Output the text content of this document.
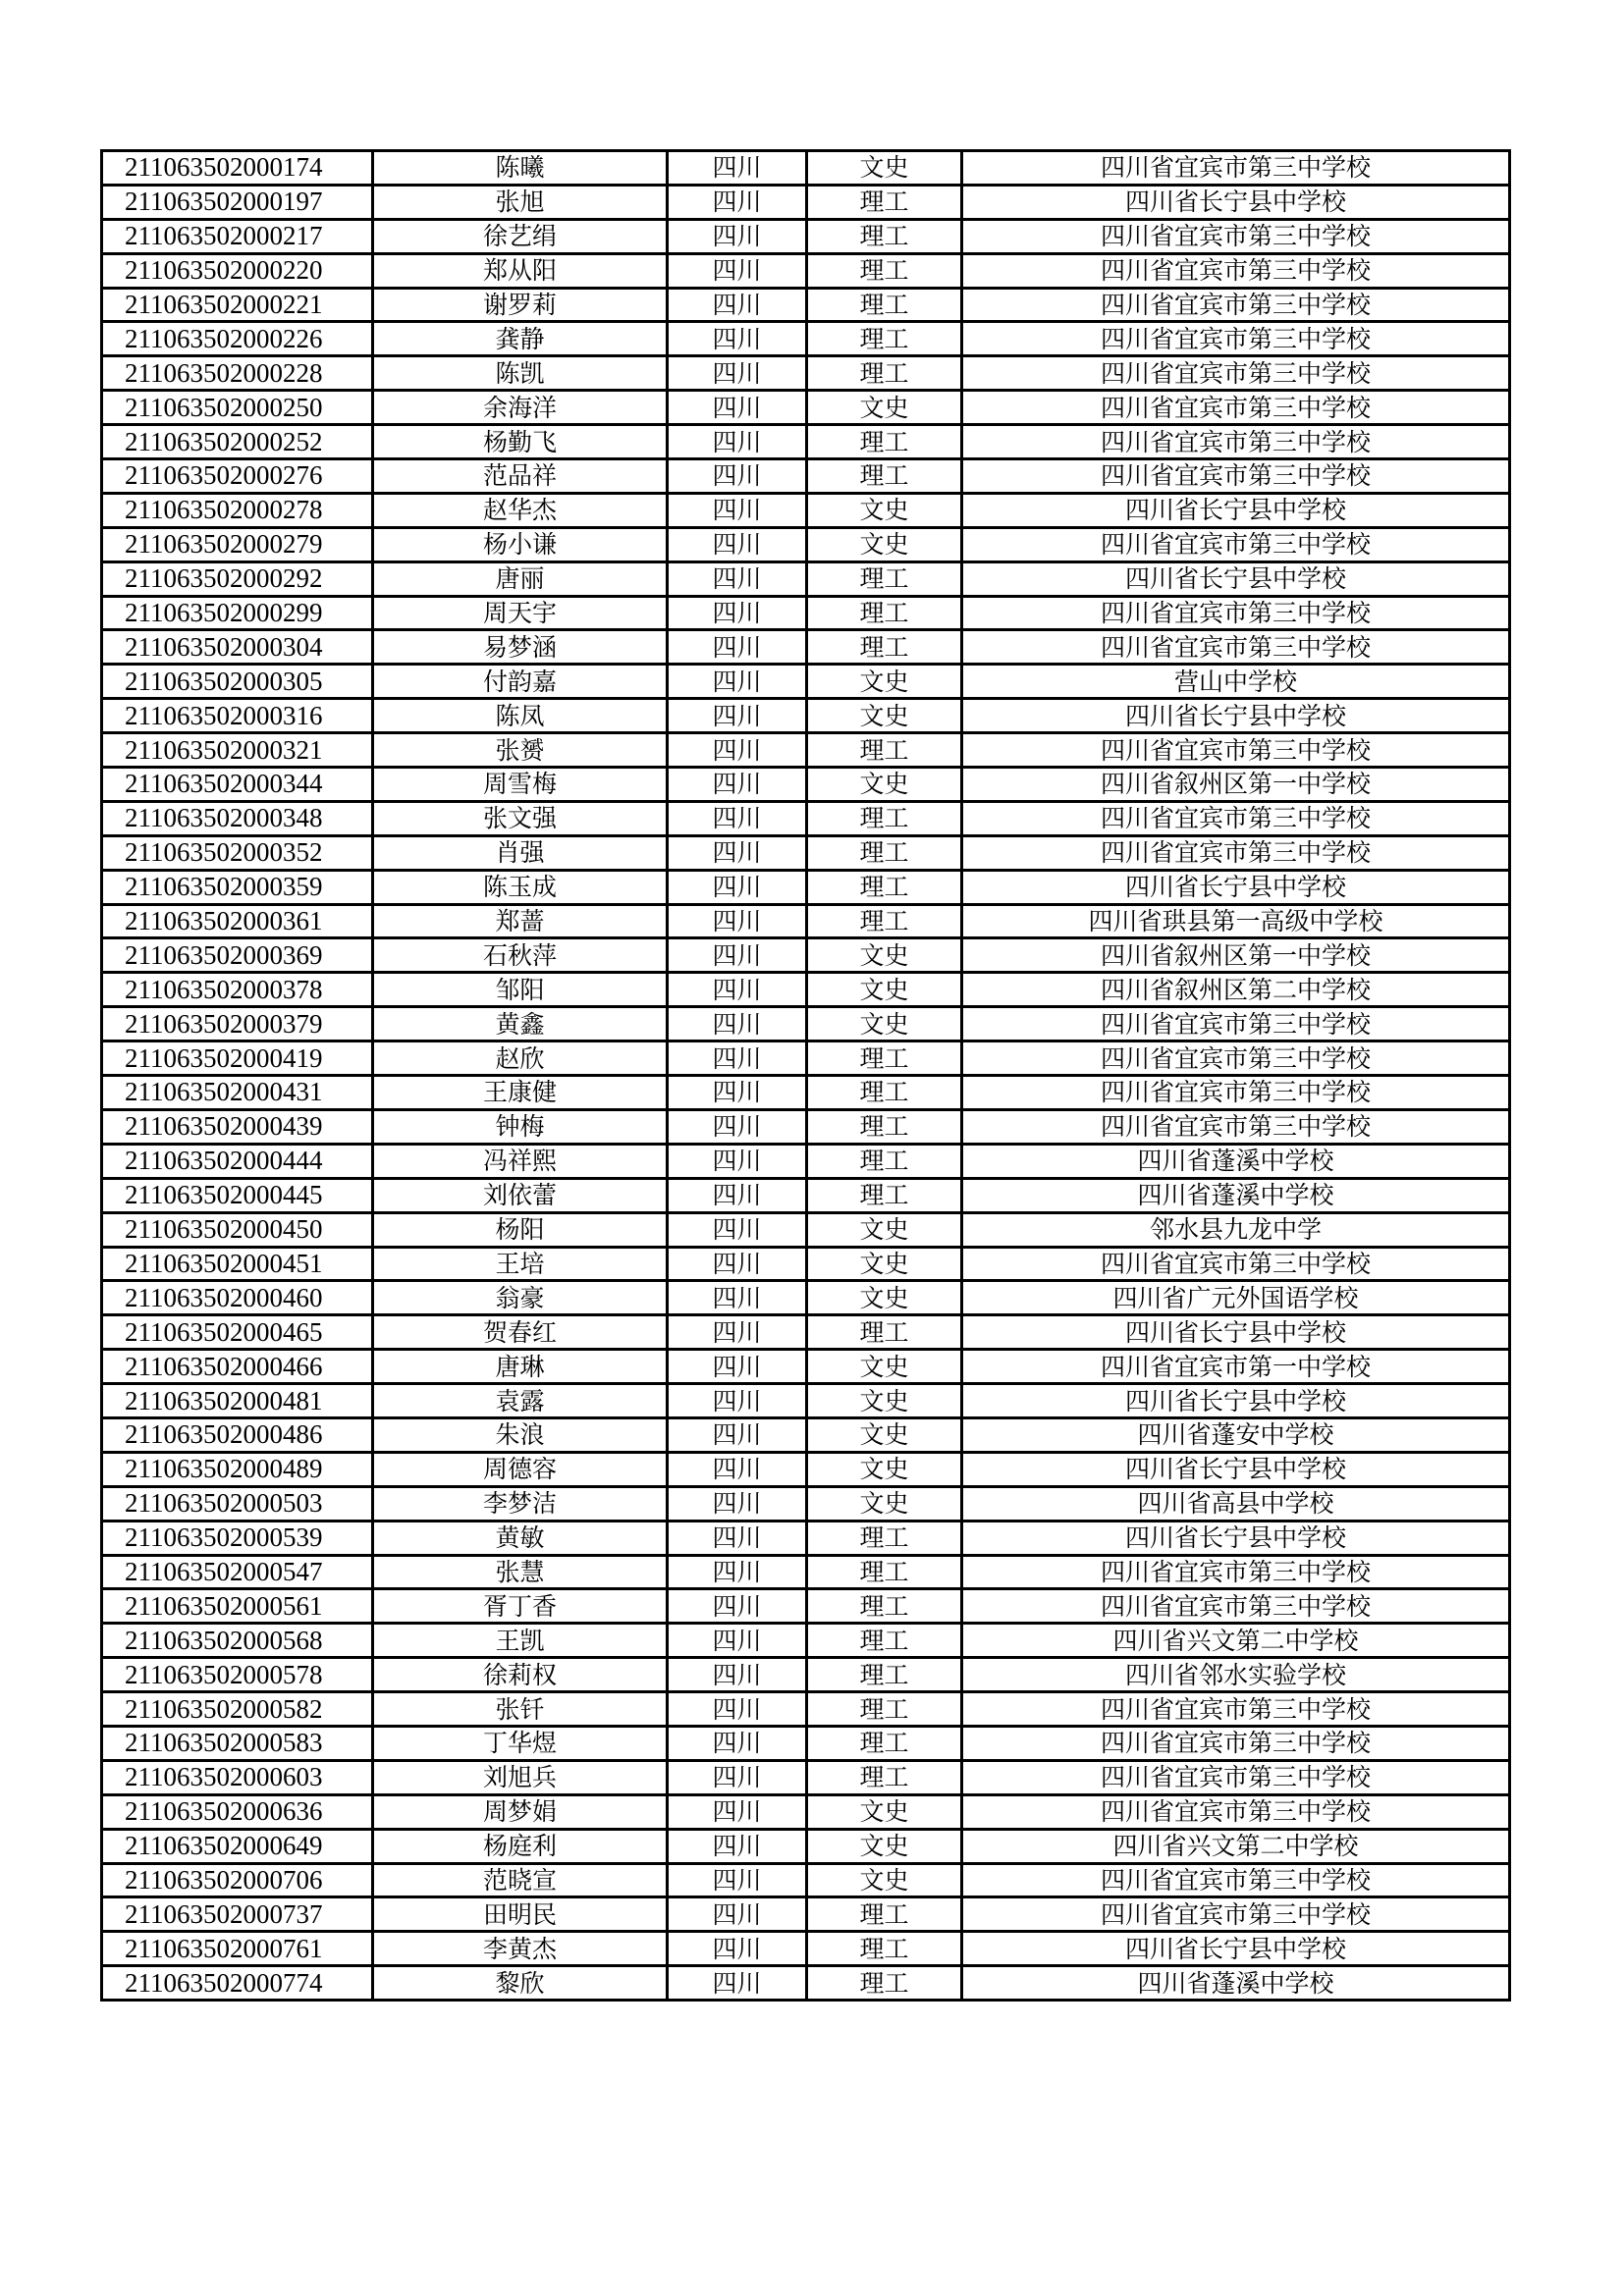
211063502000174	陈曦	四川	文史	四川省宜宾市第三中学校
211063502000197	张旭	四川	理工	四川省长宁县中学校
211063502000217	徐艺绢	四川	理工	四川省宜宾市第三中学校
211063502000220	郑从阳	四川	理工	四川省宜宾市第三中学校
211063502000221	谢罗莉	四川	理工	四川省宜宾市第三中学校
211063502000226	龚静	四川	理工	四川省宜宾市第三中学校
211063502000228	陈凯	四川	理工	四川省宜宾市第三中学校
211063502000250	余海洋	四川	文史	四川省宜宾市第三中学校
211063502000252	杨勤飞	四川	理工	四川省宜宾市第三中学校
211063502000276	范品祥	四川	理工	四川省宜宾市第三中学校
211063502000278	赵华杰	四川	文史	四川省长宁县中学校
211063502000279	杨小谦	四川	文史	四川省宜宾市第三中学校
211063502000292	唐丽	四川	理工	四川省长宁县中学校
211063502000299	周天宇	四川	理工	四川省宜宾市第三中学校
211063502000304	易梦涵	四川	理工	四川省宜宾市第三中学校
211063502000305	付韵嘉	四川	文史	营山中学校
211063502000316	陈凤	四川	文史	四川省长宁县中学校
211063502000321	张赟	四川	理工	四川省宜宾市第三中学校
211063502000344	周雪梅	四川	文史	四川省叙州区第一中学校
211063502000348	张文强	四川	理工	四川省宜宾市第三中学校
211063502000352	肖强	四川	理工	四川省宜宾市第三中学校
211063502000359	陈玉成	四川	理工	四川省长宁县中学校
211063502000361	郑蔷	四川	理工	四川省珙县第一高级中学校
211063502000369	石秋萍	四川	文史	四川省叙州区第一中学校
211063502000378	邹阳	四川	文史	四川省叙州区第二中学校
211063502000379	黄鑫	四川	文史	四川省宜宾市第三中学校
211063502000419	赵欣	四川	理工	四川省宜宾市第三中学校
211063502000431	王康健	四川	理工	四川省宜宾市第三中学校
211063502000439	钟梅	四川	理工	四川省宜宾市第三中学校
211063502000444	冯祥熙	四川	理工	四川省蓬溪中学校
211063502000445	刘依蕾	四川	理工	四川省蓬溪中学校
211063502000450	杨阳	四川	文史	邻水县九龙中学
211063502000451	王培	四川	文史	四川省宜宾市第三中学校
211063502000460	翁豪	四川	文史	四川省广元外国语学校
211063502000465	贺春红	四川	理工	四川省长宁县中学校
211063502000466	唐琳	四川	文史	四川省宜宾市第一中学校
211063502000481	袁露	四川	文史	四川省长宁县中学校
211063502000486	朱浪	四川	文史	四川省蓬安中学校
211063502000489	周德容	四川	文史	四川省长宁县中学校
211063502000503	李梦洁	四川	文史	四川省高县中学校
211063502000539	黄敏	四川	理工	四川省长宁县中学校
211063502000547	张慧	四川	理工	四川省宜宾市第三中学校
211063502000561	胥丁香	四川	理工	四川省宜宾市第三中学校
211063502000568	王凯	四川	理工	四川省兴文第二中学校
211063502000578	徐莉权	四川	理工	四川省邻水实验学校
211063502000582	张钎	四川	理工	四川省宜宾市第三中学校
211063502000583	丁华煜	四川	理工	四川省宜宾市第三中学校
211063502000603	刘旭兵	四川	理工	四川省宜宾市第三中学校
211063502000636	周梦娟	四川	文史	四川省宜宾市第三中学校
211063502000649	杨庭利	四川	文史	四川省兴文第二中学校
211063502000706	范晓宣	四川	文史	四川省宜宾市第三中学校
211063502000737	田明民	四川	理工	四川省宜宾市第三中学校
211063502000761	李黄杰	四川	理工	四川省长宁县中学校
211063502000774	黎欣	四川	理工	四川省蓬溪中学校
